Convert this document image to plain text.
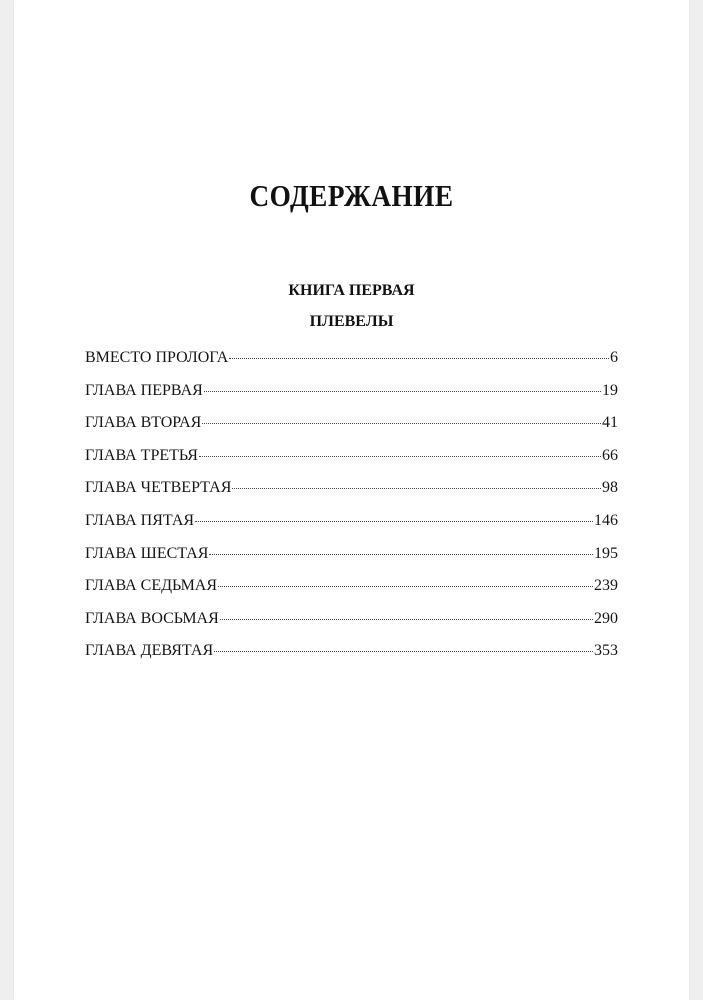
СОДЕРЖАНИЕ
КНИГА ПЕРВАЯ
ПЛЕВЕЛЫ
ВМЕСТО ПРОЛОГА	6
ГЛАВА ПЕРВАЯ	19
ГЛАВА ВТОРАЯ	41
ГЛАВА ТРЕТЬЯ	66
ГЛАВА ЧЕТВЕРТАЯ	98
ГЛАВА ПЯТАЯ	146
ГЛАВА ШЕСТАЯ	195
ГЛАВА СЕДЬМАЯ	239
ГЛАВА ВОСЬМАЯ	290
ГЛАВА ДЕВЯТАЯ	353
